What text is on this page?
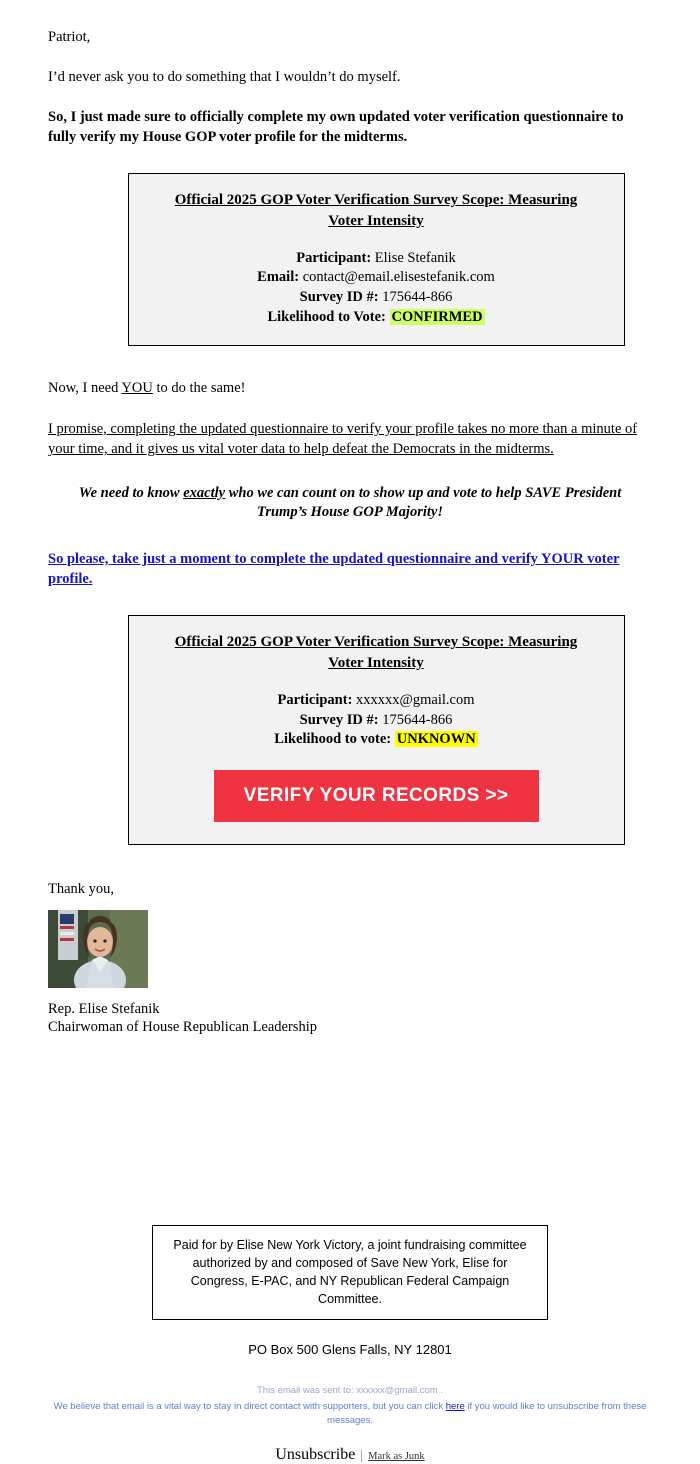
Patriot,

I’d never ask you to do something that I wouldn’t do myself.

So, I just made sure to officially complete my own updated voter verification questionnaire to fully verify my House GOP voter profile for the midterms.

Official 2025 GOP Voter Verification Survey Scope: Measuring Voter Intensity
Participant: Elise Stefanik
Email: contact@email.elisestefanik.com
Survey ID #: 175644-866
Likelihood to Vote: CONFIRMED

Now, I need YOU to do the same!

I promise, completing the updated questionnaire to verify your profile takes no more than a minute of your time, and it gives us vital voter data to help defeat the Democrats in the midterms.

We need to know exactly who we can count on to show up and vote to help SAVE President Trump’s House GOP Majority!

So please, take just a moment to complete the updated questionnaire and verify YOUR voter profile.
Official 2025 GOP Voter Verification Survey Scope: Measuring Voter Intensity
Participant: xxxxxx@gmail.com
Survey ID #: 175644-866
Likelihood to vote: UNKNOWN
VERIFY YOUR RECORDS >>

Thank you,

Rep. Elise Stefanik
Chairwoman of House Republican Leadership
Paid for by Elise New York Victory, a joint fundraising committee authorized by and composed of Save New York, Elise for Congress, E-PAC, and NY Republican Federal Campaign Committee.
PO Box 500 Glens Falls, NY 12801
This email was sent to: xxxxxx@gmail.com .
We believe that email is a vital way to stay in direct contact with supporters, but you can click here if you would like to unsubscribe from these messages.
Unsubscribe | Mark as Junk
